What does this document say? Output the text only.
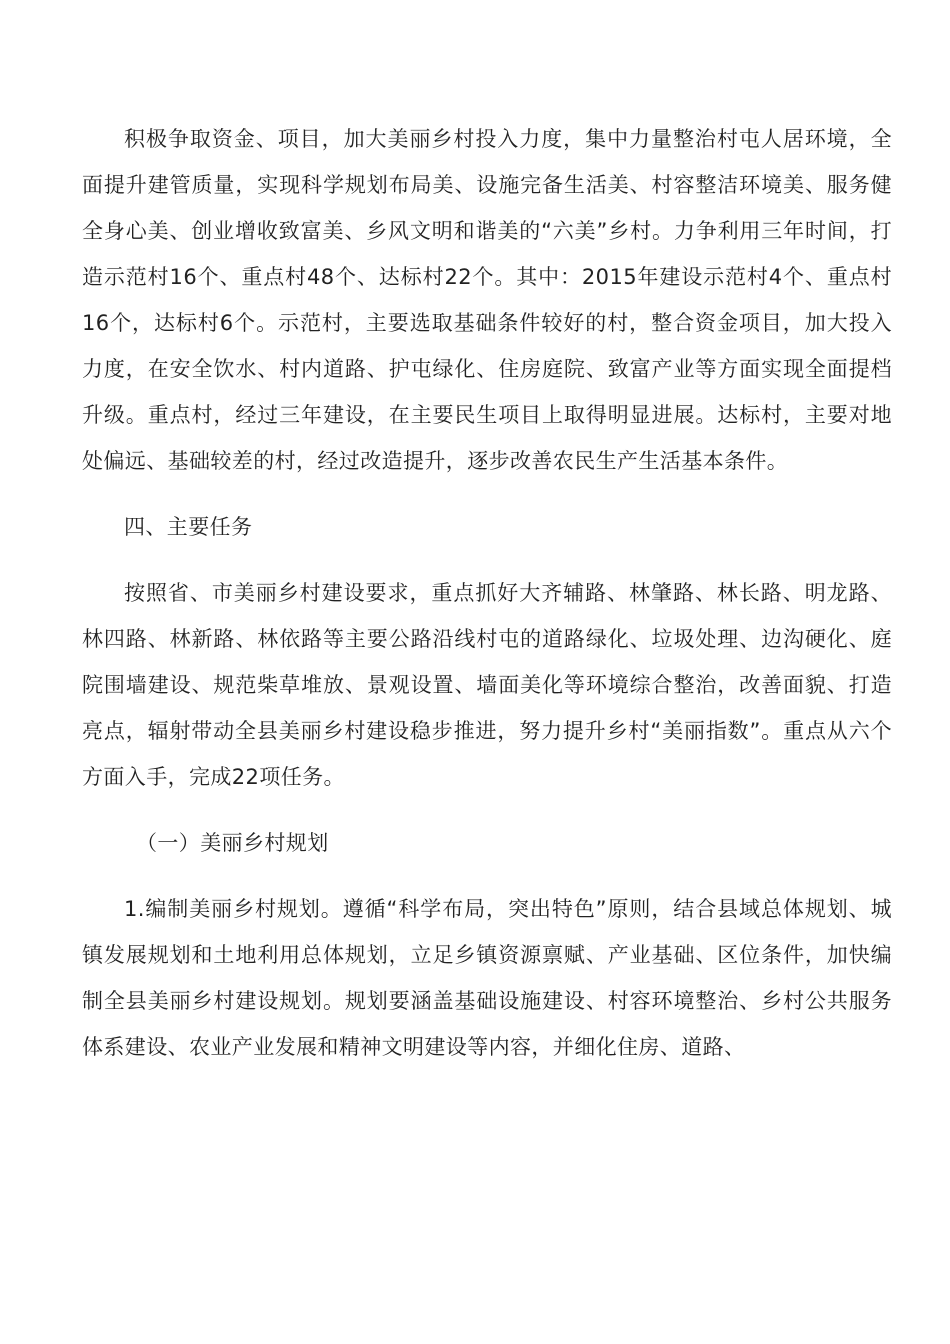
积极争取资金、项目，加大美丽乡村投入力度，集中力量整治村屯人居环境，全面提升建管质量，实现科学规划布局美、设施完备生活美、村容整洁环境美、服务健全身心美、创业增收致富美、乡风文明和谐美的“六美”乡村。力争利用三年时间，打造示范村16个、重点村48个、达标村22个。其中：2015年建设示范村4个、重点村16个，达标村6个。示范村，主要选取基础条件较好的村，整合资金项目，加大投入力度，在安全饮水、村内道路、护屯绿化、住房庭院、致富产业等方面实现全面提档升级。重点村，经过三年建设，在主要民生项目上取得明显进展。达标村，主要对地处偏远、基础较差的村，经过改造提升，逐步改善农民生产生活基本条件。

四、主要任务

按照省、市美丽乡村建设要求，重点抓好大齐辅路、林肇路、林长路、明龙路、林四路、林新路、林依路等主要公路沿线村屯的道路绿化、垃圾处理、边沟硬化、庭院围墙建设、规范柴草堆放、景观设置、墙面美化等环境综合整治，改善面貌、打造亮点，辐射带动全县美丽乡村建设稳步推进，努力提升乡村“美丽指数”。重点从六个方面入手，完成22项任务。

（一）美丽乡村规划

1.编制美丽乡村规划。遵循“科学布局，突出特色”原则，结合县域总体规划、城镇发展规划和土地利用总体规划，立足乡镇资源禀赋、产业基础、区位条件，加快编制全县美丽乡村建设规划。规划要涵盖基础设施建设、村容环境整治、乡村公共服务体系建设、农业产业发展和精神文明建设等内容，并细化住房、道路、
